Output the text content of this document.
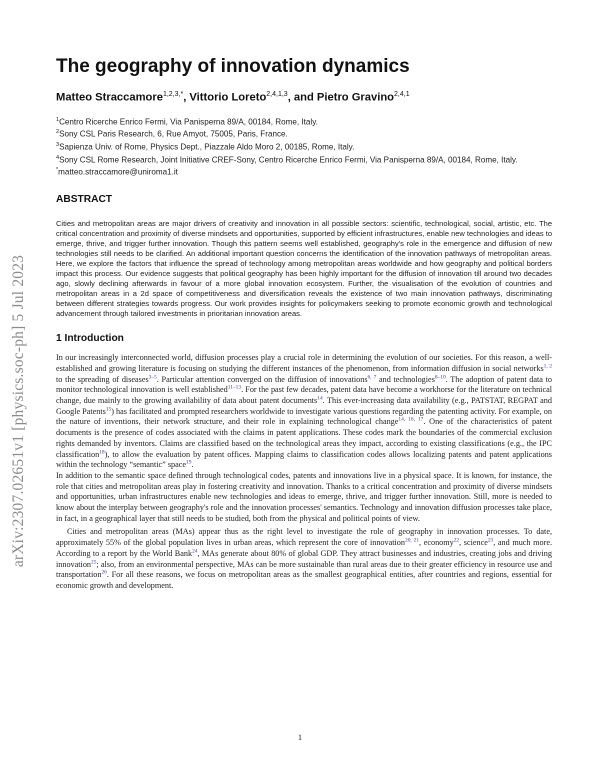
arXiv:2307.02651v1 [physics.soc-ph] 5 Jul 2023
The geography of innovation dynamics
Matteo Straccamore$^{1,2,3,*}$, Vittorio Loreto$^{2,4,1,3}$, and Pietro Gravino$^{2,4,1}$
$^1$Centro Ricerche Enrico Fermi, Via Panisperna 89/A, 00184, Rome, Italy.
$^2$Sony CSL Paris Research, 6, Rue Amyot, 75005, Paris, France.
$^3$Sapienza Univ. of Rome, Physics Dept., Piazzale Aldo Moro 2, 00185, Rome, Italy.
$^4$Sony CSL Rome Research, Joint Initiative CREF-Sony, Centro Ricerche Enrico Fermi, Via Panisperna 89/A, 00184, Rome, Italy.
*matteo.straccamore@uniroma1.it
ABSTRACT
Cities and metropolitan areas are major drivers of creativity and innovation in all possible sectors: scientific, technological, social, artistic, etc. The critical concentration and proximity of diverse mindsets and opportunities, supported by efficient infrastructures, enable new technologies and ideas to emerge, thrive, and trigger further innovation. Though this pattern seems well established, geography's role in the emergence and diffusion of new technologies still needs to be clarified. An additional important question concerns the identification of the innovation pathways of metropolitan areas. Here, we explore the factors that influence the spread of technology among metropolitan areas worldwide and how geography and political borders impact this process. Our evidence suggests that political geography has been highly important for the diffusion of innovation till around two decades ago, slowly declining afterwards in favour of a more global innovation ecosystem. Further, the visualisation of the evolution of countries and metropolitan areas in a 2d space of competitiveness and diversification reveals the existence of two main innovation pathways, discriminating between different strategies towards progress. Our work provides insights for policymakers seeking to promote economic growth and technological advancement through tailored investments in prioritarian innovation areas.
1 Introduction

In our increasingly interconnected world, diffusion processes play a crucial role in determining the evolution of our societies. For this reason, a well-established and growing literature is focusing on studying the different instances of the phenomenon, from information diffusion in social networks$^{1, 2}$ to the spreading of diseases$^{3-5}$. Particular attention converged on the diffusion of innovations$^{6, 7}$ and technologies$^{8-10}$. The adoption of patent data to monitor technological innovation is well established$^{11-13}$. For the past few decades, patent data have become a workhorse for the literature on technical change, due mainly to the growing availability of data about patent documents$^{14}$. This ever-increasing data availability (e.g., PATSTAT, REGPAT and Google Patents$^{15}$) has facilitated and prompted researchers worldwide to investigate various questions regarding the patenting activity. For example, on the nature of inventions, their network structure, and their role in explaining technological change$^{14, 16, 17}$. One of the characteristics of patent documents is the presence of codes associated with the claims in patent applications. These codes mark the boundaries of the commercial exclusion rights demanded by inventors. Claims are classified based on the technological areas they impact, according to existing classifications (e.g., the IPC classification$^{18}$), to allow the evaluation by patent offices. Mapping claims to classification codes allows localizing patents and patent applications within the technology “semantic” space$^{19}$.

In addition to the semantic space defined through technological codes, patents and innovations live in a physical space. It is known, for instance, the role that cities and metropolitan areas play in fostering creativity and innovation. Thanks to a critical concentration and proximity of diverse mindsets and opportunities, urban infrastructures enable new technologies and ideas to emerge, thrive, and trigger further innovation. Still, more is needed to know about the interplay between geography's role and the innovation processes' semantics. Technology and innovation diffusion processes take place, in fact, in a geographical layer that still needs to be studied, both from the physical and political points of view.

Cities and metropolitan areas (MAs) appear thus as the right level to investigate the role of geography in innovation processes. To date, approximately 55% of the global population lives in urban areas, which represent the core of innovation$^{20, 21}$, economy$^{22}$, science$^{23}$, and much more. According to a report by the World Bank$^{24}$, MAs generate about 80% of global GDP. They attract businesses and industries, creating jobs and driving innovation$^{25}$; also, from an environmental perspective, MAs can be more sustainable than rural areas due to their greater efficiency in resource use and transportation$^{26}$. For all these reasons, we focus on metropolitan areas as the smallest geographical entities, after countries and regions, essential for economic growth and development.

1
